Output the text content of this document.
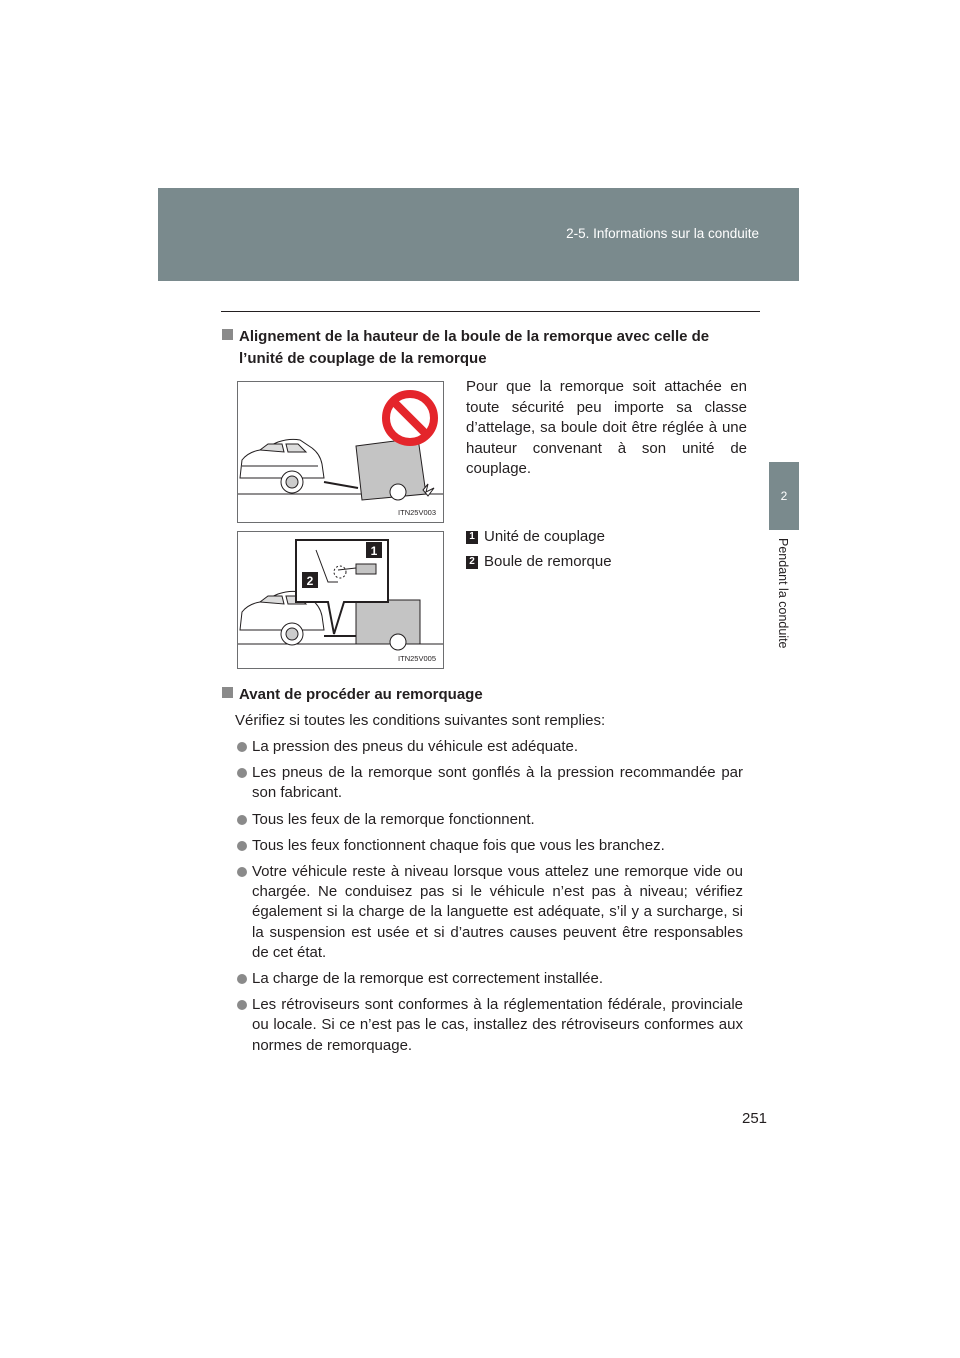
2-5. Informations sur la conduite
2
Pendant la conduite
Alignement de la hauteur de la boule de la remorque avec celle de
l’unité de couplage de la remorque
ITN25V003
1
2
ITN25V005
Pour que la remorque soit attachée en toute sécurité peu importe sa classe d’attelage, sa boule doit être réglée à une hauteur convenant à son unité de couplage.
1 Unité de couplage
2 Boule de remorque
Avant de procéder au remorquage
Vérifiez si toutes les conditions suivantes sont remplies:
La pression des pneus du véhicule est adéquate.
Les pneus de la remorque sont gonflés à la pression recommandée par son fabricant.
Tous les feux de la remorque fonctionnent.
Tous les feux fonctionnent chaque fois que vous les branchez.
Votre véhicule reste à niveau lorsque vous attelez une remorque vide ou chargée. Ne conduisez pas si le véhicule n’est pas à niveau; vérifiez également si la charge de la languette est adéquate, s’il y a surcharge, si la suspension est usée et si d’autres causes peuvent être responsables de cet état.
La charge de la remorque est correctement installée.
Les rétroviseurs sont conformes à la réglementation fédérale, provinciale ou locale. Si ce n’est pas le cas, installez des rétroviseurs conformes aux normes de remorquage.
251
